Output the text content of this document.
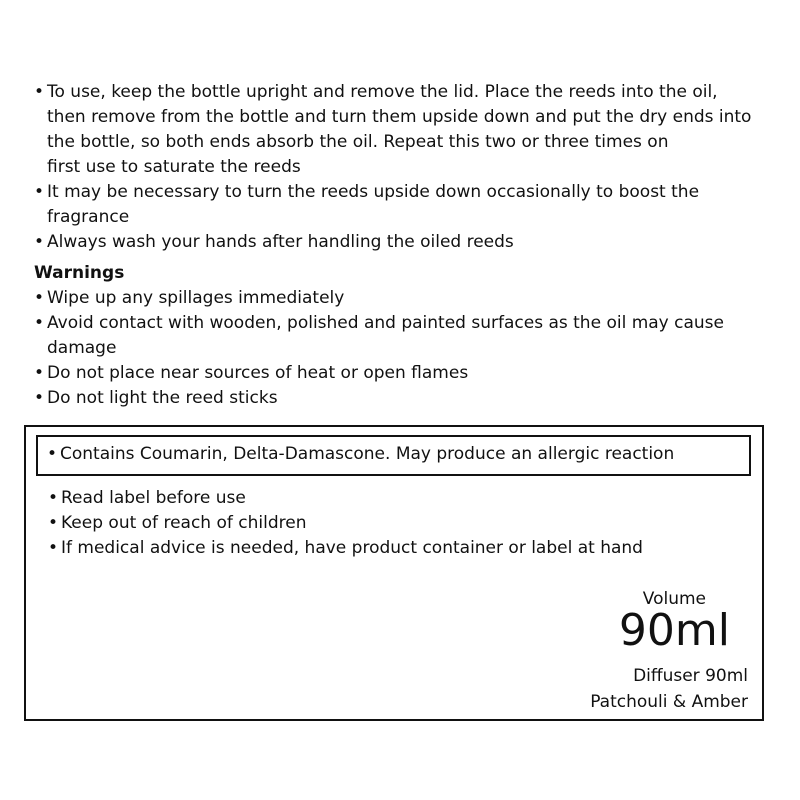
• To use, keep the bottle upright and remove the lid. Place the reeds into the oil,
then remove from the bottle and turn them upside down and put the dry ends into
the bottle, so both ends absorb the oil. Repeat this two or three times on
first use to saturate the reeds
• It may be necessary to turn the reeds upside down occasionally to boost the
fragrance
• Always wash your hands after handling the oiled reeds
Warnings
• Wipe up any spillages immediately
• Avoid contact with wooden, polished and painted surfaces as the oil may cause
damage
• Do not place near sources of heat or open flames
• Do not light the reed sticks
• Contains Coumarin, Delta-Damascone. May produce an allergic reaction
• Read label before use
• Keep out of reach of children
• If medical advice is needed, have product container or label at hand
Volume
90ml
Diffuser 90ml
Patchouli & Amber
